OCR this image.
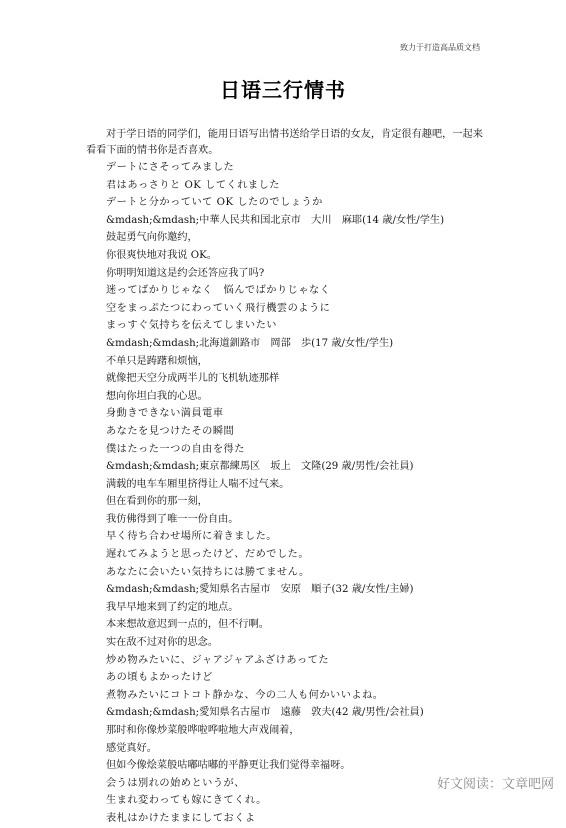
致力于打造高品质文档
日语三行情书

对于学日语的同学们，能用日语写出情书送给学日语的女友，肯定很有趣吧，一起来看看下面的情书你是否喜欢。

デートにさそってみました
君はあっさりと OK してくれました
デートと分かっていて OK したのでしょうか
&mdash;&mdash;中華人民共和国北京市　大川　麻耶(14 歳/女性/学生)
鼓起勇气向你邀约，
你很爽快地对我说 OK。
你明明知道这是约会还答应我了吗?
迷ってばかりじゃなく　悩んでばかりじゃなく
空をまっぷたつにわっていく飛行機雲のように
まっすぐ気持ちを伝えてしまいたい
&mdash;&mdash;北海道釧路市　岡部　歩(17 歳/女性/学生)
不单只是踌躇和烦恼，
就像把天空分成两半儿的飞机轨迹那样
想向你坦白我的心思。
身動きできない満員電車
あなたを見つけたその瞬間
僕はたった一つの自由を得た
&mdash;&mdash;東京都練馬区　坂上　文隆(29 歳/男性/会社員)
满载的电车车厢里挤得让人喘不过气来。
但在看到你的那一刻，
我仿佛得到了唯一一份自由。
早く待ち合わせ場所に着きました。
遅れてみようと思ったけど、だめでした。
あなたに会いたい気持ちには勝てません。
&mdash;&mdash;愛知県名古屋市　安原　順子(32 歳/女性/主婦)
我早早地来到了约定的地点。
本来想故意迟到一点的，但不行啊。
实在敌不过对你的思念。
炒め物みたいに、ジャアジャアふざけあってた
あの頃もよかったけど
煮物みたいにコトコト静かな、今の二人も何かいいよね。
&mdash;&mdash;愛知県名古屋市　遠藤　敦夫(42 歳/男性/会社員)
那时和你像炒菜般哗啦哗啦地大声戏闹着，
感觉真好。
但如今像烩菜般咕嘟咕嘟的平静更让我们觉得幸福呀。
会うは別れの始めというが、
生まれ変わっても嫁にきてくれ。
表札はかけたままにしておくよ
好文阅读：文章吧网
